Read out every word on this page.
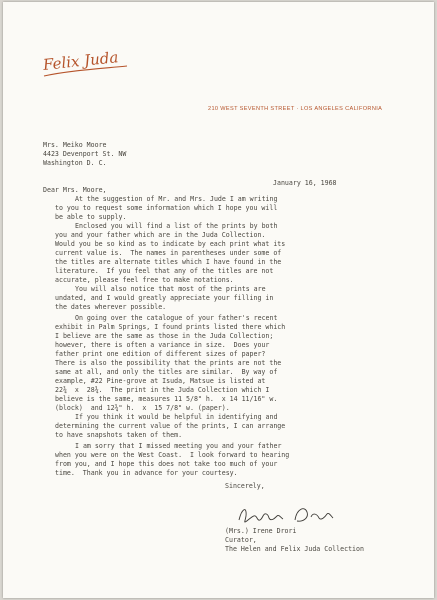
Felix Juda
210 WEST SEVENTH STREET · LOS ANGELES CALIFORNIA
Mrs. Meiko Moore
4423 Devenport St. NW
Washington D. C.
January 16, 1968
Dear Mrs. Moore,
At the suggestion of Mr. and Mrs. Jude I am writing
to you to request some information which I hope you will
be able to supply.
Enclosed you will find a list of the prints by both
you and your father which are in the Juda Collection.
Would you be so kind as to indicate by each print what its
current value is.  The names in parentheses under some of
the titles are alternate titles which I have found in the
literature.  If you feel that any of the titles are not
accurate, please feel free to make notations.
You will also notice that most of the prints are
undated, and I would greatly appreciate your filling in
the dates wherever possible.
On going over the catalogue of your father's recent
exhibit in Palm Springs, I found prints listed there which
I believe are the same as those in the Juda Collection;
however, there is often a variance in size.  Does your
father print one edition of different sizes of paper?
There is also the possibility that the prints are not the
same at all, and only the titles are similar.  By way of
example, #22 Pine-grove at Isuda, Matsue is listed at
22¾  x  28¾.  The print in the Juda Collection which I
believe is the same, measures 11 5/8" h.  x 14 11/16" w.
(block)  and 12¾" h.  x  15 7/8" w. (paper).
If you think it would be helpful in identifying and
determining the current value of the prints, I can arrange
to have snapshots taken of them.
I am sorry that I missed meeting you and your father
when you were on the West Coast.  I look forward to hearing
from you, and I hope this does not take too much of your
time.  Thank you in advance for your courtesy.
Sincerely,
(Mrs.) Irene Drori
Curator,
The Helen and Felix Juda Collection
